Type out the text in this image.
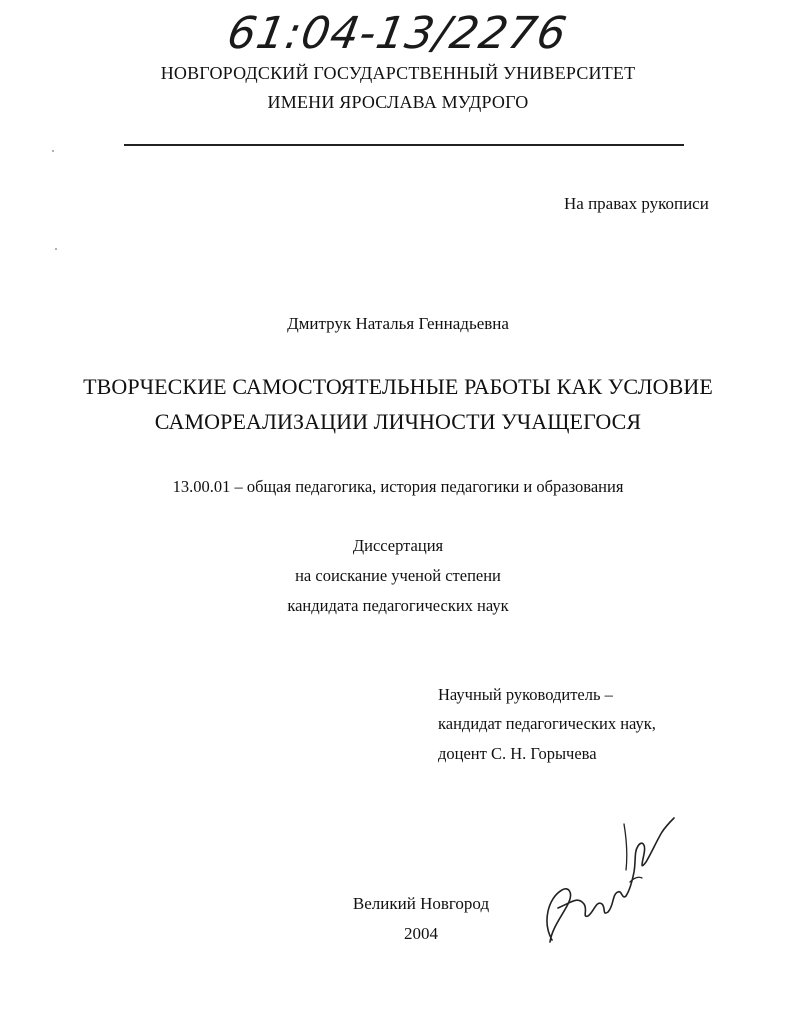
61:04-13/2276
НОВГОРОДСКИЙ ГОСУДАРСТВЕННЫЙ УНИВЕРСИТЕТ
ИМЕНИ ЯРОСЛАВА МУДРОГО
На правах рукописи
Дмитрук Наталья Геннадьевна
ТВОРЧЕСКИЕ САМОСТОЯТЕЛЬНЫЕ РАБОТЫ КАК УСЛОВИЕ
САМОРЕАЛИЗАЦИИ ЛИЧНОСТИ УЧАЩЕГОСЯ
13.00.01 – общая педагогика, история педагогики и образования
Диссертация
на соискание ученой степени
кандидата педагогических наук
Научный руководитель –
кандидат педагогических наук,
доцент С. Н. Горычева
Великий Новгород
2004
